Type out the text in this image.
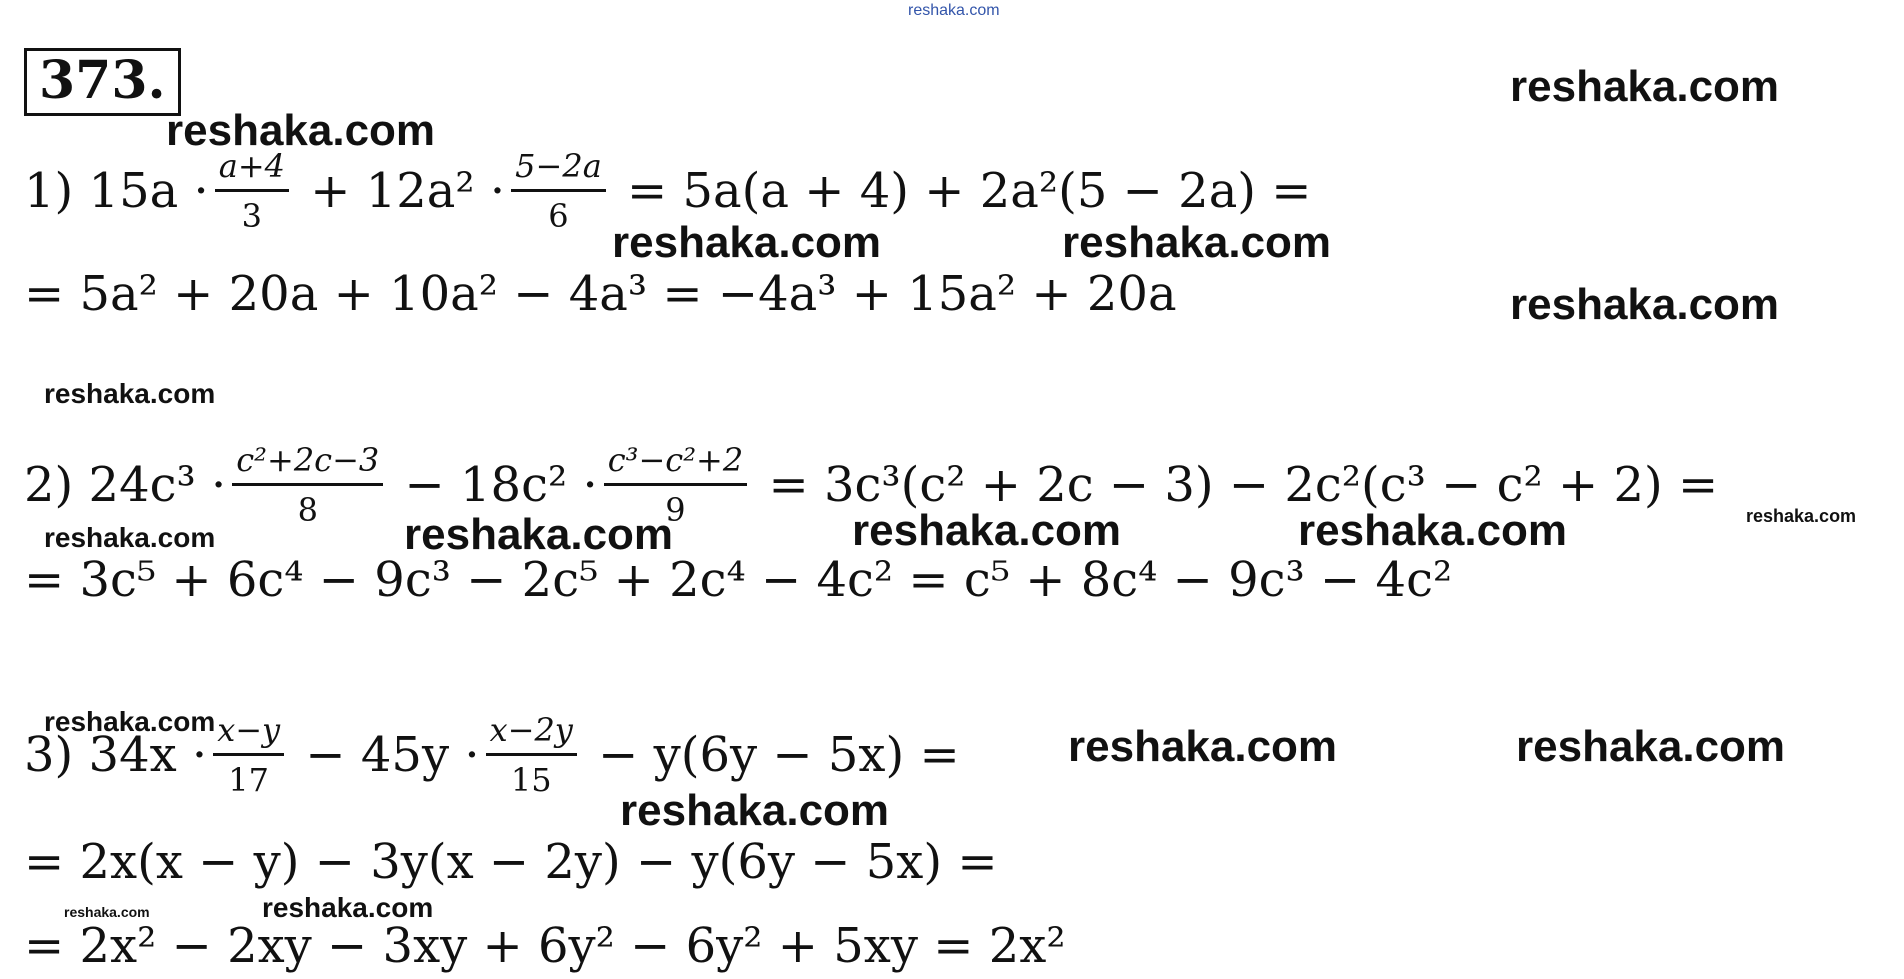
reshaka.com
373.
1) $15a \cdot \frac{a+4}{3} + 12a^2 \cdot \frac{5-2a}{6} = 5a(a + 4) + 2a^2(5 - 2a)$ =
= 5a² + 20a + 10a² − 4a³ = −4a³ + 15a² + 20a
2) $24c^3 \cdot \frac{\text{c²+2c−3}}{8} - 18c^2 \cdot \frac{\text{c³−c²+2}}{9} = 3c^3(c^2 + 2c - 3) - 2c^2(c^3 - c^2 + 2)$ =
= 3c⁵ + 6c⁴ − 9c³ − 2c⁵ + 2c⁴ − 4c² = c⁵ + 8c⁴ − 9c³ − 4c²
3) $34x \cdot \frac{x-y}{17} - 45y \cdot \frac{x-2y}{15} - y(6y - 5x)$ =
= 2x(x − y) − 3y(x − 2y) − y(6y − 5x) =
= 2x² − 2xy − 3xy + 6y² − 6y² + 5xy = 2x²
reshaka.com
reshaka.com
reshaka.com	reshaka.com
reshaka.com
reshaka.com
reshaka.com	reshaka.com	reshaka.com	reshaka.com	reshaka.com
reshaka.com
reshaka.com	reshaka.com
reshaka.com
reshaka.com	reshaka.com
